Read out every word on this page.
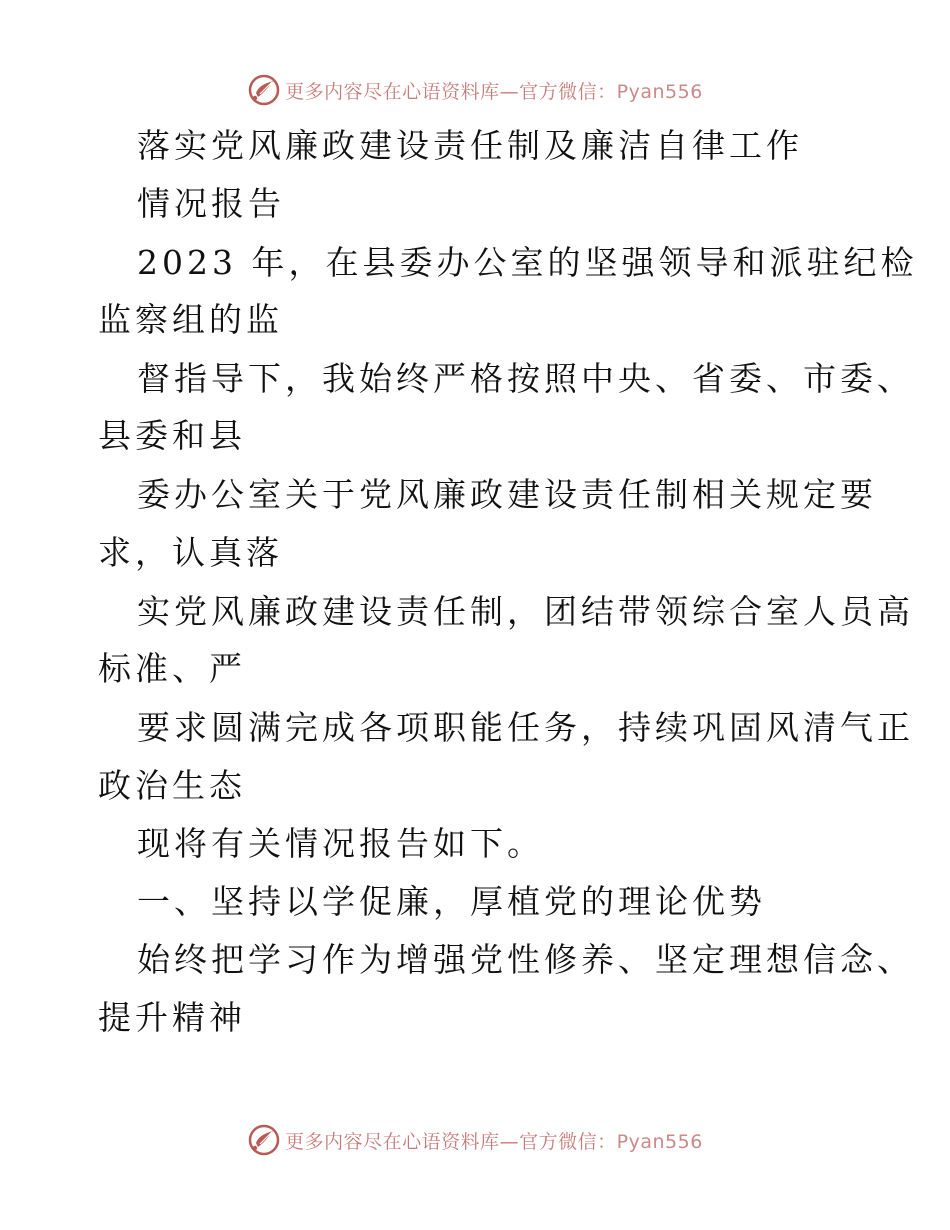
更多内容尽在心语资料库—官方微信：Pyan556
落实党风廉政建设责任制及廉洁自律工作
情况报告
2023 年，在县委办公室的坚强领导和派驻纪检
监察组的监
督指导下，我始终严格按照中央、省委、市委、
县委和县
委办公室关于党风廉政建设责任制相关规定要
求，认真落
实党风廉政建设责任制，团结带领综合室人员高
标准、严
要求圆满完成各项职能任务，持续巩固风清气正
政治生态
现将有关情况报告如下。
一、坚持以学促廉，厚植党的理论优势
始终把学习作为增强党性修养、坚定理想信念、
提升精神
更多内容尽在心语资料库—官方微信：Pyan556
